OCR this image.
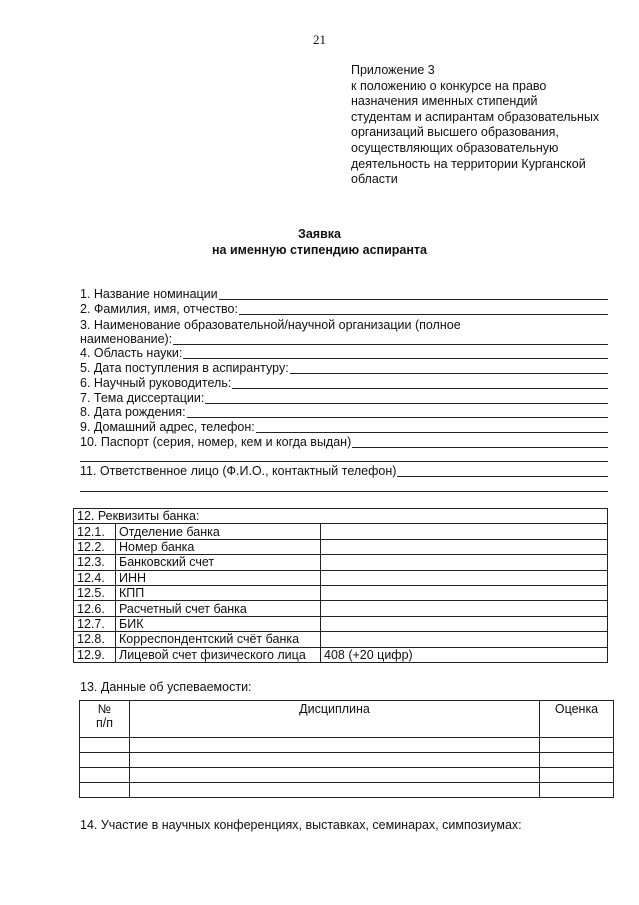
21
Приложение 3
к положению о конкурсе на право
назначения именных стипендий
студентам и аспирантам образовательных
организаций высшего образования,
осуществляющих образовательную
деятельность на территории Курганской
области
Заявка
на именную стипендию аспиранта
1. Название номинации
2. Фамилия, имя, отчество:
3. Наименование образовательной/научной организации (полное
наименование):
4. Область науки:
5. Дата поступления в аспирантуру:
6. Научный руководитель:
7. Тема диссертации:
8. Дата рождения:
9. Домашний адрес, телефон:
10. Паспорт (серия, номер, кем и когда выдан)
11. Ответственное лицо (Ф.И.О., контактный телефон)
12. Реквизиты банка:		
12.1.	Отделение банка	
12.2.	Номер банка	
12.3.	Банковский счет	
12.4.	ИНН	
12.5.	КПП	
12.6.	Расчетный счет банка	
12.7.	БИК	
12.8.	Корреспондентский счёт банка	
12.9.	Лицевой счет физического лица	408 (+20 цифр)
13. Данные об успеваемости:
№
п/п	Дисциплина	Оценка

14. Участие в научных конференциях, выставках, семинарах, симпозиумах:
